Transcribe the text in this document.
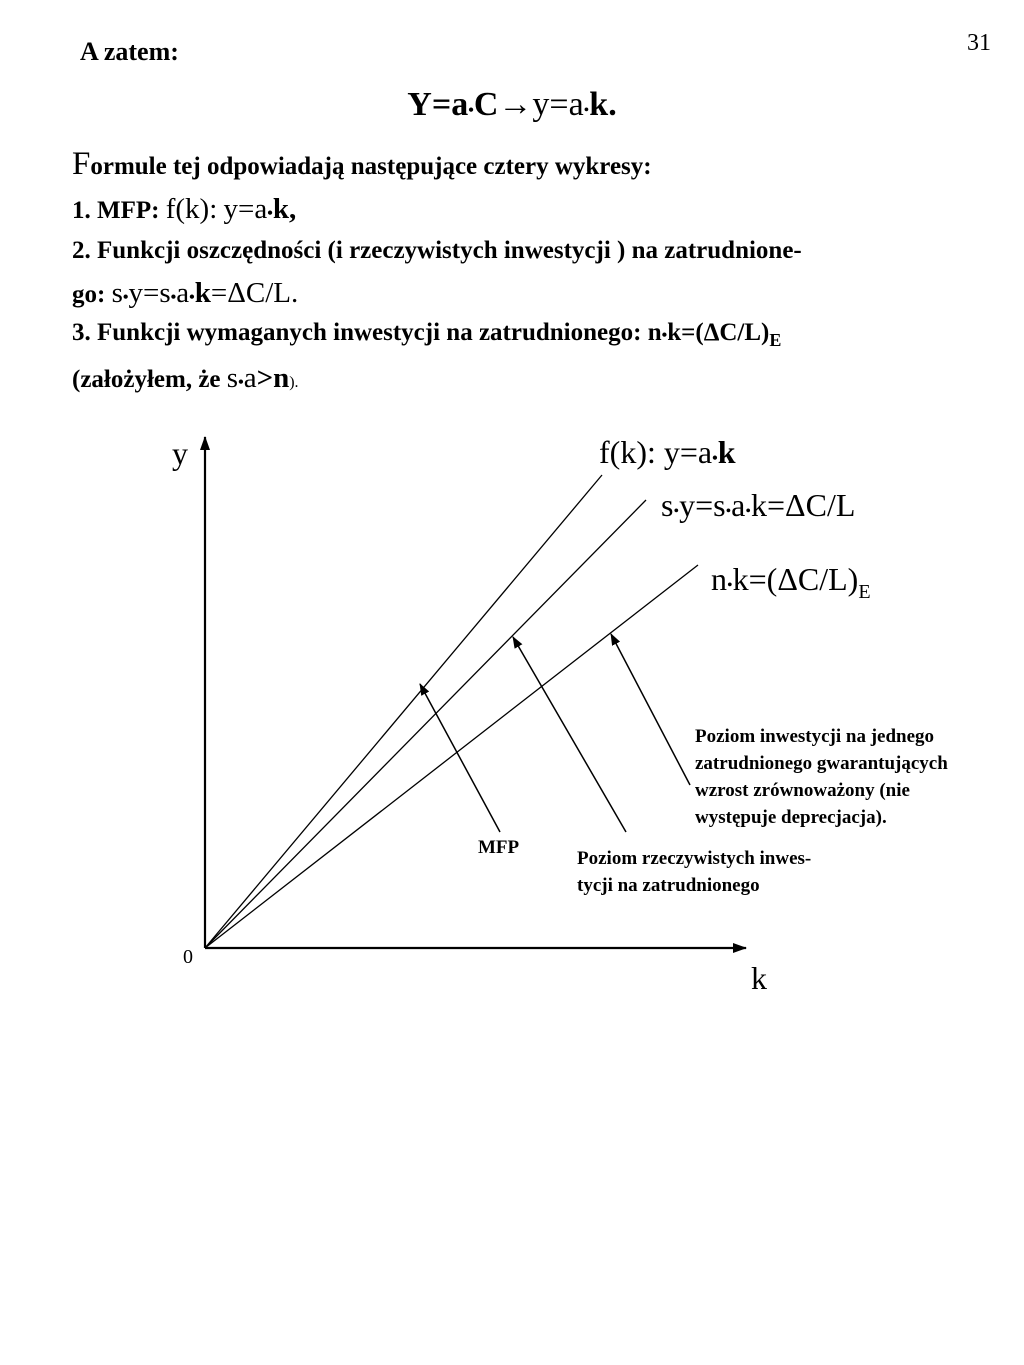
31
A zatem:
Y=a•C→y=a•k.
Formule tej odpowiadają następujące cztery wykresy:
1. MFP: f(k): y=a•k,
2. Funkcji oszczędności (i rzeczywistych inwestycji ) na zatrudnione-
go: s•y=s•a•k=ΔC/L.
3. Funkcji wymaganych inwestycji na zatrudnionego: $n•k=(\Delta C/L)_E$
(założyłem, że s•a>n).
y
k
0
f(k): y=a•k
s•y=s•a•k=ΔC/L
$n•k=(\Delta C/L)_E$
MFP
Poziom rzeczywistych inwes-
tycji na zatrudnionego
Poziom inwestycji na jednego
zatrudnionego gwarantujących
wzrost zrównoważony (nie
występuje deprecjacja).
